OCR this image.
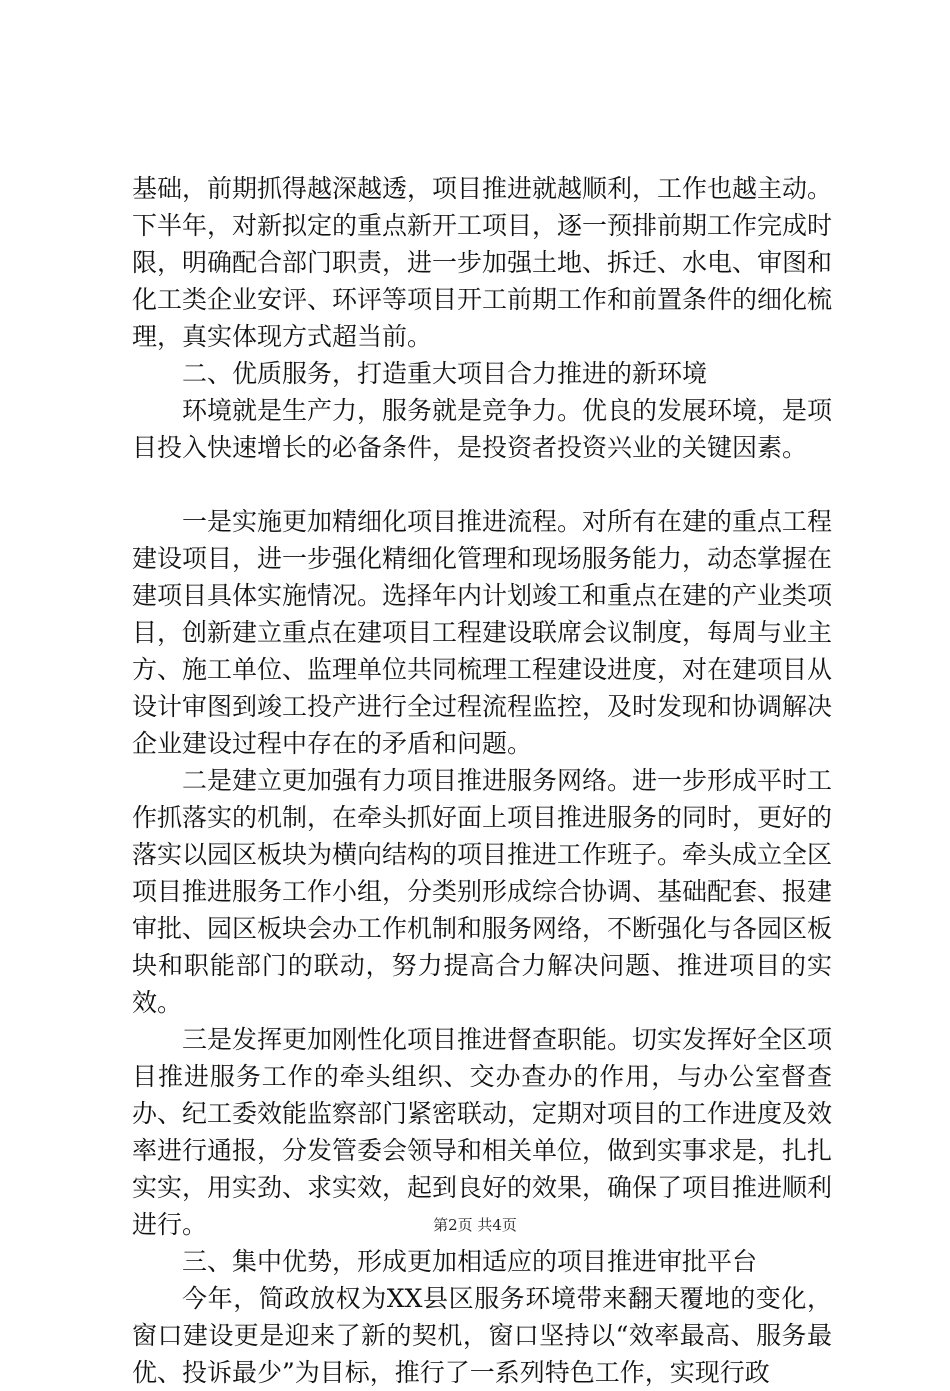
基础，前期抓得越深越透，项目推进就越顺利，工作也越主动。下半年，对新拟定的重点新开工项目，逐一预排前期工作完成时限，明确配合部门职责，进一步加强土地、拆迁、水电、审图和化工类企业安评、环评等项目开工前期工作和前置条件的细化梳理，真实体现方式超当前。

二、优质服务，打造重大项目合力推进的新环境

环境就是生产力，服务就是竞争力。优良的发展环境，是项目投入快速增长的必备条件，是投资者投资兴业的关键因素。

一是实施更加精细化项目推进流程。对所有在建的重点工程建设项目，进一步强化精细化管理和现场服务能力，动态掌握在建项目具体实施情况。选择年内计划竣工和重点在建的产业类项目，创新建立重点在建项目工程建设联席会议制度，每周与业主方、施工单位、监理单位共同梳理工程建设进度，对在建项目从设计审图到竣工投产进行全过程流程监控，及时发现和协调解决企业建设过程中存在的矛盾和问题。

二是建立更加强有力项目推进服务网络。进一步形成平时工作抓落实的机制，在牵头抓好面上项目推进服务的同时，更好的落实以园区板块为横向结构的项目推进工作班子。牵头成立全区项目推进服务工作小组，分类别形成综合协调、基础配套、报建审批、园区板块会办工作机制和服务网络，不断强化与各园区板块和职能部门的联动，努力提高合力解决问题、推进项目的实效。

三是发挥更加刚性化项目推进督查职能。切实发挥好全区项目推进服务工作的牵头组织、交办查办的作用，与办公室督查办、纪工委效能监察部门紧密联动，定期对项目的工作进度及效率进行通报，分发管委会领导和相关单位，做到实事求是，扎扎实实，用实劲、求实效，起到良好的效果，确保了项目推进顺利进行。

三、集中优势，形成更加相适应的项目推进审批平台

今年，简政放权为XX县区服务环境带来翻天覆地的变化，窗口建设更是迎来了新的契机，窗口坚持以“效率最高、服务最优、投诉最少”为目标，推行了一系列特色工作，实现行政

第2页 共4页
